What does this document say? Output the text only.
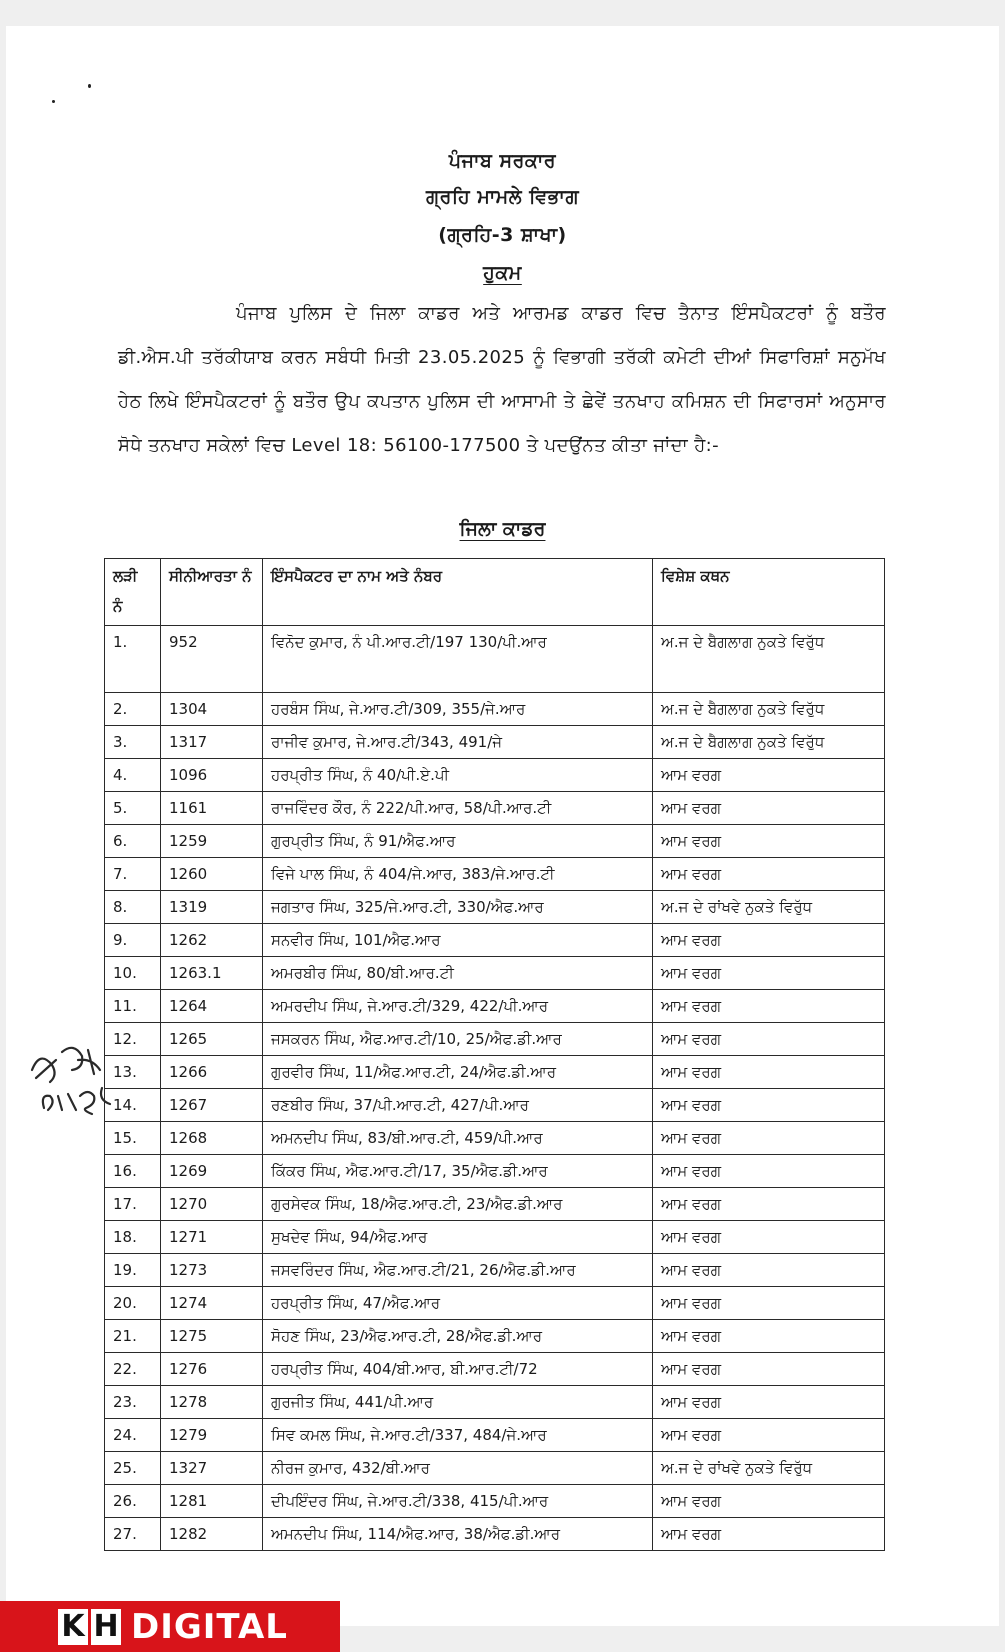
ਪੰਜਾਬ ਸਰਕਾਰ
ਗ੍ਰਹਿ ਮਾਮਲੇ ਵਿਭਾਗ
(ਗ੍ਰਹਿ-3 ਸ਼ਾਖਾ)
ਹੁਕਮ
ਪੰਜਾਬ ਪੁਲਿਸ ਦੇ ਜਿਲਾ ਕਾਡਰ ਅਤੇ ਆਰਮਡ ਕਾਡਰ ਵਿਚ ਤੈਨਾਤ ਇੰਸਪੈਕਟਰਾਂ ਨੂੰ ਬਤੌਰ ਡੀ.ਐਸ.ਪੀ ਤਰੱਕੀਯਾਬ ਕਰਨ ਸਬੰਧੀ ਮਿਤੀ 23.05.2025 ਨੂੰ ਵਿਭਾਗੀ ਤਰੱਕੀ ਕਮੇਟੀ ਦੀਆਂ ਸਿਫਾਰਿਸ਼ਾਂ ਸਨੁਮੱਖ ਹੇਠ ਲਿਖੇ ਇੰਸਪੈਕਟਰਾਂ ਨੂੰ ਬਤੌਰ ਉਪ ਕਪਤਾਨ ਪੁਲਿਸ ਦੀ ਆਸਾਮੀ ਤੇ ਛੇਵੇਂ ਤਨਖਾਹ ਕਮਿਸ਼ਨ ਦੀ ਸਿਫਾਰਸਾਂ ਅਨੁਸਾਰ ਸੋਧੇ ਤਨਖਾਹ ਸਕੇਲਾਂ ਵਿਚ Level 18: 56100-177500 ਤੇ ਪਦਉਂਨਤ ਕੀਤਾ ਜਾਂਦਾ ਹੈ:-
ਜਿਲਾ ਕਾਡਰ
ਲੜੀ ਨੰ	ਸੀਨੀਆਰਤਾ ਨੰ	ਇੰਸਪੈਕਟਰ ਦਾ ਨਾਮ ਅਤੇ ਨੰਬਰ	ਵਿਸ਼ੇਸ਼ ਕਥਨ
1.	952	ਵਿਨੋਦ ਕੁਮਾਰ, ਨੰ ਪੀ.ਆਰ.ਟੀ/197 130/ਪੀ.ਆਰ	ਅ.ਜ ਦੇ ਬੈਗਲਾਗ ਨੁਕਤੇ ਵਿਰੁੱਧ
2.	1304	ਹਰਬੰਸ ਸਿੰਘ, ਜੇ.ਆਰ.ਟੀ/309, 355/ਜੇ.ਆਰ	ਅ.ਜ ਦੇ ਬੈਗਲਾਗ ਨੁਕਤੇ ਵਿਰੁੱਧ
3.	1317	ਰਾਜੀਵ ਕੁਮਾਰ, ਜੇ.ਆਰ.ਟੀ/343, 491/ਜੇ	ਅ.ਜ ਦੇ ਬੈਗਲਾਗ ਨੁਕਤੇ ਵਿਰੁੱਧ
4.	1096	ਹਰਪ੍ਰੀਤ ਸਿੰਘ, ਨੰ 40/ਪੀ.ਏ.ਪੀ	ਆਮ ਵਰਗ
5.	1161	ਰਾਜਵਿੰਦਰ ਕੌਰ, ਨੰ 222/ਪੀ.ਆਰ, 58/ਪੀ.ਆਰ.ਟੀ	ਆਮ ਵਰਗ
6.	1259	ਗੁਰਪ੍ਰੀਤ ਸਿੰਘ, ਨੰ 91/ਐਫ.ਆਰ	ਆਮ ਵਰਗ
7.	1260	ਵਿਜੇ ਪਾਲ ਸਿੰਘ, ਨੰ 404/ਜੇ.ਆਰ, 383/ਜੇ.ਆਰ.ਟੀ	ਆਮ ਵਰਗ
8.	1319	ਜਗਤਾਰ ਸਿੰਘ, 325/ਜੇ.ਆਰ.ਟੀ, 330/ਐਫ.ਆਰ	ਅ.ਜ ਦੇ ਰਾਂਖਵੇ ਨੁਕਤੇ ਵਿਰੁੱਧ
9.	1262	ਸਨਵੀਰ ਸਿੰਘ, 101/ਐਫ.ਆਰ	ਆਮ ਵਰਗ
10.	1263.1	ਅਮਰਬੀਰ ਸਿੰਘ, 80/ਬੀ.ਆਰ.ਟੀ	ਆਮ ਵਰਗ
11.	1264	ਅਮਰਦੀਪ ਸਿੰਘ, ਜੇ.ਆਰ.ਟੀ/329, 422/ਪੀ.ਆਰ	ਆਮ ਵਰਗ
12.	1265	ਜਸਕਰਨ ਸਿੰਘ, ਐਫ.ਆਰ.ਟੀ/10, 25/ਐਫ.ਡੀ.ਆਰ	ਆਮ ਵਰਗ
13.	1266	ਗੁਰਵੀਰ ਸਿੰਘ, 11/ਐਫ.ਆਰ.ਟੀ, 24/ਐਫ.ਡੀ.ਆਰ	ਆਮ ਵਰਗ
14.	1267	ਰਣਬੀਰ ਸਿੰਘ, 37/ਪੀ.ਆਰ.ਟੀ, 427/ਪੀ.ਆਰ	ਆਮ ਵਰਗ
15.	1268	ਅਮਨਦੀਪ ਸਿੰਘ, 83/ਬੀ.ਆਰ.ਟੀ, 459/ਪੀ.ਆਰ	ਆਮ ਵਰਗ
16.	1269	ਕਿੱਕਰ ਸਿੰਘ, ਐਫ.ਆਰ.ਟੀ/17, 35/ਐਫ.ਡੀ.ਆਰ	ਆਮ ਵਰਗ
17.	1270	ਗੁਰਸੇਵਕ ਸਿੰਘ, 18/ਐਫ.ਆਰ.ਟੀ, 23/ਐਫ.ਡੀ.ਆਰ	ਆਮ ਵਰਗ
18.	1271	ਸੁਖਦੇਵ ਸਿੰਘ, 94/ਐਫ.ਆਰ	ਆਮ ਵਰਗ
19.	1273	ਜਸਵਰਿੰਦਰ ਸਿੰਘ, ਐਫ.ਆਰ.ਟੀ/21, 26/ਐਫ.ਡੀ.ਆਰ	ਆਮ ਵਰਗ
20.	1274	ਹਰਪ੍ਰੀਤ ਸਿੰਘ, 47/ਐਫ.ਆਰ	ਆਮ ਵਰਗ
21.	1275	ਸੋਹਣ ਸਿੰਘ, 23/ਐਫ.ਆਰ.ਟੀ, 28/ਐਫ.ਡੀ.ਆਰ	ਆਮ ਵਰਗ
22.	1276	ਹਰਪ੍ਰੀਤ ਸਿੰਘ, 404/ਬੀ.ਆਰ, ਬੀ.ਆਰ.ਟੀ/72	ਆਮ ਵਰਗ
23.	1278	ਗੁਰਜੀਤ ਸਿੰਘ, 441/ਪੀ.ਆਰ	ਆਮ ਵਰਗ
24.	1279	ਸਿਵ ਕਮਲ ਸਿੰਘ, ਜੇ.ਆਰ.ਟੀ/337, 484/ਜੇ.ਆਰ	ਆਮ ਵਰਗ
25.	1327	ਨੀਰਜ ਕੁਮਾਰ, 432/ਬੀ.ਆਰ	ਅ.ਜ ਦੇ ਰਾਂਖਵੇ ਨੁਕਤੇ ਵਿਰੁੱਧ
26.	1281	ਦੀਪਇੰਦਰ ਸਿੰਘ, ਜੇ.ਆਰ.ਟੀ/338, 415/ਪੀ.ਆਰ	ਆਮ ਵਰਗ
27.	1282	ਅਮਨਦੀਪ ਸਿੰਘ, 114/ਐਫ.ਆਰ, 38/ਐਫ.ਡੀ.ਆਰ	ਆਮ ਵਰਗ
K H DIGITAL
